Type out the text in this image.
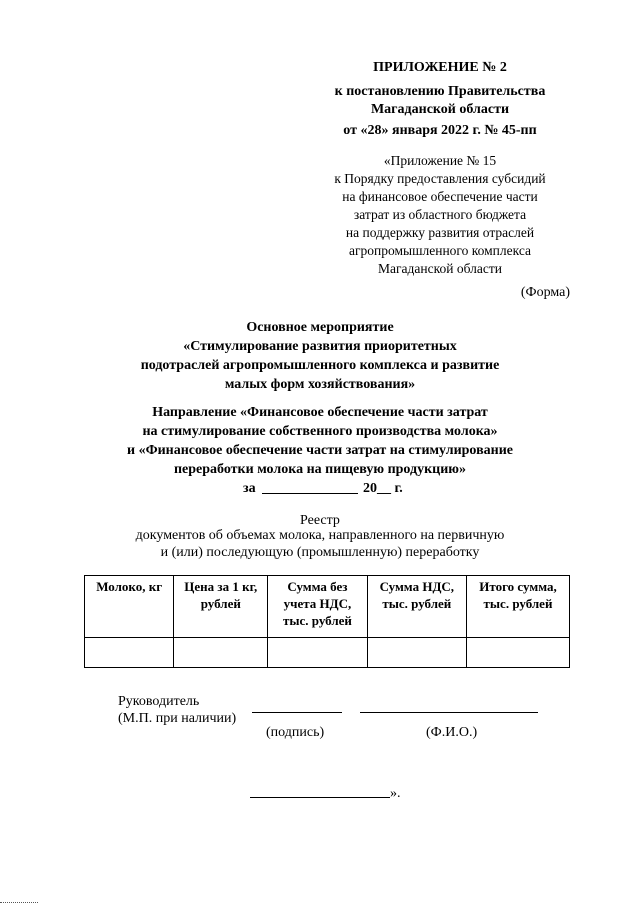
ПРИЛОЖЕНИЕ № 2
к постановлению Правительства
Магаданской области
от «28» января 2022 г. № 45-пп
«Приложение № 15
к Порядку предоставления субсидий
на финансовое обеспечение части
затрат из областного бюджета
на поддержку развития отраслей
агропромышленного комплекса
Магаданской области
(Форма)
Основное мероприятие
«Стимулирование развития приоритетных
подотраслей агропромышленного комплекса и развитие
малых форм хозяйствования»
Направление «Финансовое обеспечение части затрат
на стимулирование собственного производства молока»
и «Финансовое обеспечение части затрат на стимулирование
переработки молока на пищевую продукцию»
за	20__ г.
Реестр
документов об объемах молока, направленного на первичную
и (или) последующую (промышленную) переработку
Молоко, кг	Цена за 1 кг, рублей	Сумма без учета НДС, тыс. рублей	Сумма НДС, тыс. рублей	Итого сумма, тыс. рублей

Руководитель
(М.П. при наличии)
(подпись)	(Ф.И.О.)
».
